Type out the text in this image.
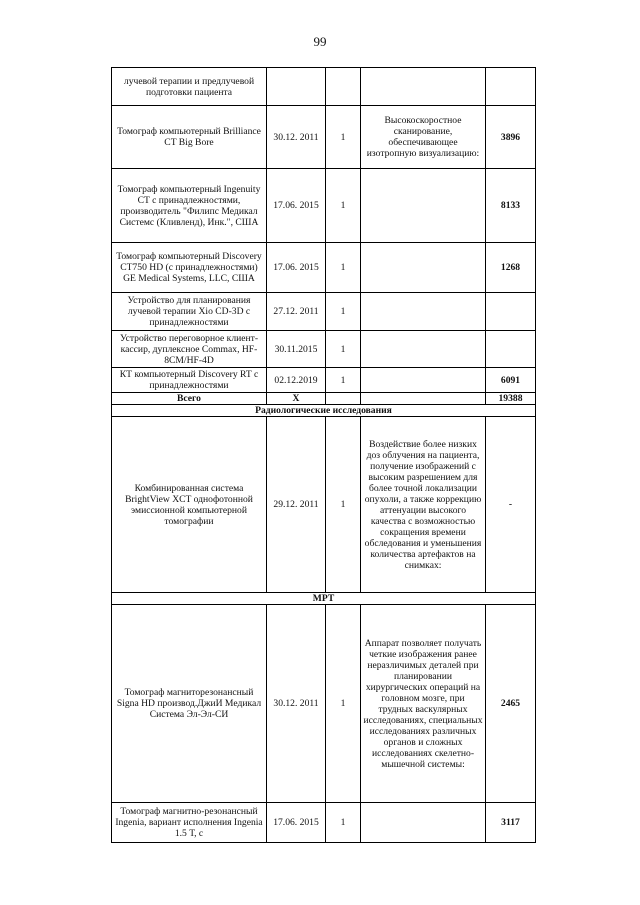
99
лучевой терапии и предлучевой подготовки пациента				
Томограф компьютерный Brilliance CT Big Bore	30.12. 2011	1	Высокоскоростное сканирование, обеспечивающее изотропную визуализацию:	3896
Томограф компьютерный Ingenuity CT с принадлежностями, производитель "Филипс Медикал Системс (Кливленд), Инк.", США	17.06. 2015	1		8133
Томограф компьютерный Discovery CT750 HD (с принадлежностями) GE Medical Systems, LLC, США	17.06. 2015	1		1268
Устройство для планирования лучевой терапии Xio CD-3D с принадлежностями	27.12. 2011	1		
Устройство переговорное клиент-кассир, дуплексное Commax, HF-8CM/HF-4D	30.11.2015	1		
КТ компьютерный Discovery RT с принадлежностями	02.12.2019	1		6091
Всего	Х			19388
Радиологические исследования				
Комбинированная система BrightView XCT однофотонной эмиссионной компьютерной томографии	29.12. 2011	1	Воздействие более низких доз облучения на пациента, получение изображений с высоким разрешением для более точной локализации опухоли, а также коррекцию аттенуации высокого качества с возможностью сокращения времени обследования и уменьшения количества артефактов на снимках:	-
МРТ				
Томограф магниторезонансный Signa HD производ.ДжиИ Медикал Система Эл-Эл-СИ	30.12. 2011	1	Аппарат позволяет получать четкие изображения ранее неразличимых деталей при планировании хирургических операций на головном мозге, при трудных васкулярных исследованиях, специальных исследованиях различных органов и сложных исследованиях скелетно-мышечной системы:	2465
Томограф магнитно-резонансный Ingenia, вариант исполнения Ingenia 1.5 Т, с	17.06. 2015	1		3117
